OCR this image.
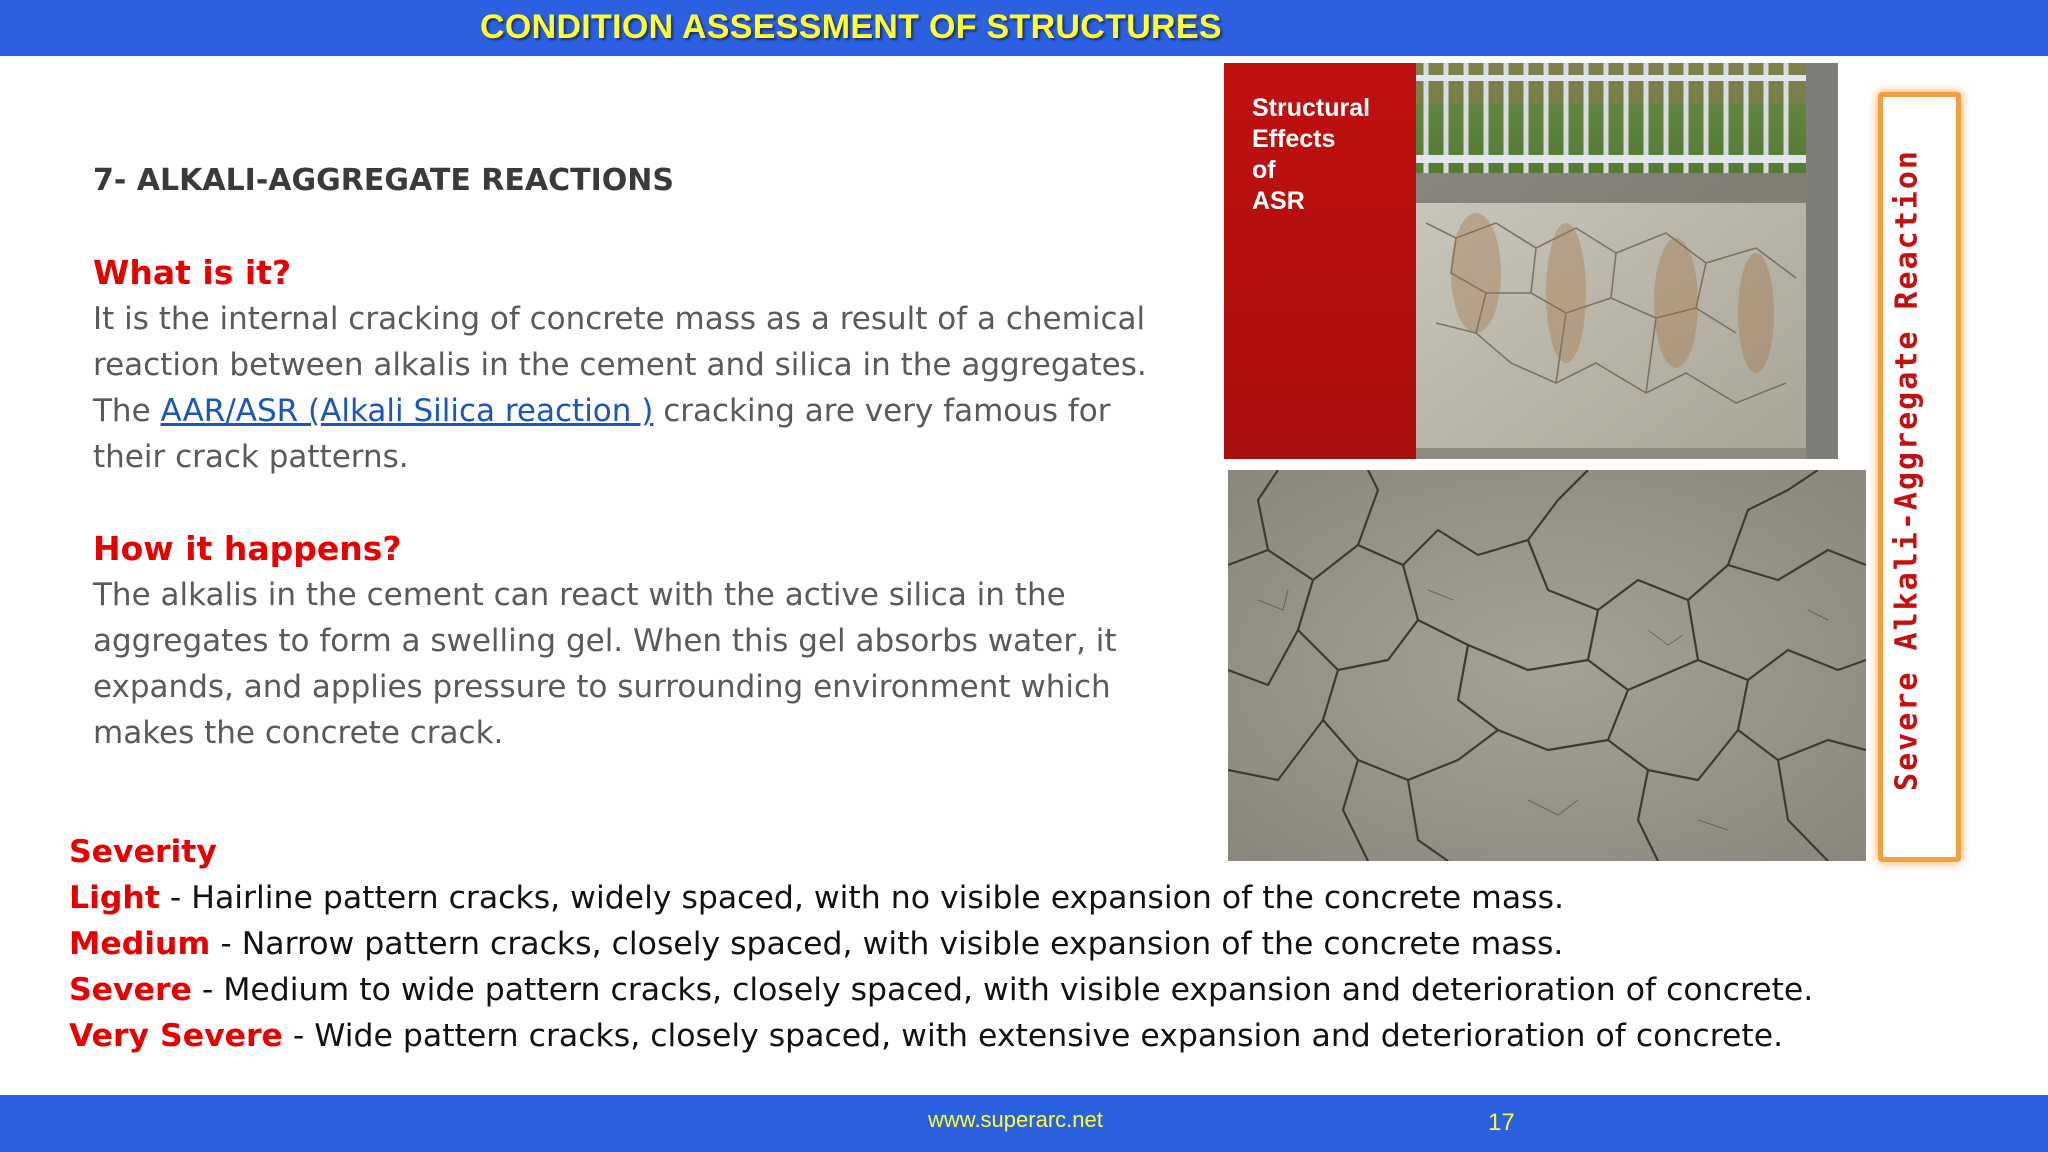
CONDITION ASSESSMENT OF STRUCTURES
7- ALKALI-AGGREGATE REACTIONS

What is it?

It is the internal cracking of concrete mass as a result of a chemical reaction between alkalis in the cement and silica in the aggregates. The AAR/ASR (Alkali Silica reaction ) cracking are very famous for their crack patterns.

How it happens?

The alkalis in the cement can react with the active silica in the aggregates to form a swelling gel. When this gel absorbs water, it expands, and applies pressure to surrounding environment which makes the concrete crack.

Severity

Light - Hairline pattern cracks, widely spaced, with no visible expansion of the concrete mass.

Medium - Narrow pattern cracks, closely spaced, with visible expansion of the concrete mass.

Severe - Medium to wide pattern cracks, closely spaced, with visible expansion and deterioration of concrete.

Very Severe - Wide pattern cracks, closely spaced, with extensive expansion and deterioration of concrete.

Structural
Effects
of
ASR	Severe Alkali-Aggregate Reaction
www.superarc.net	17
